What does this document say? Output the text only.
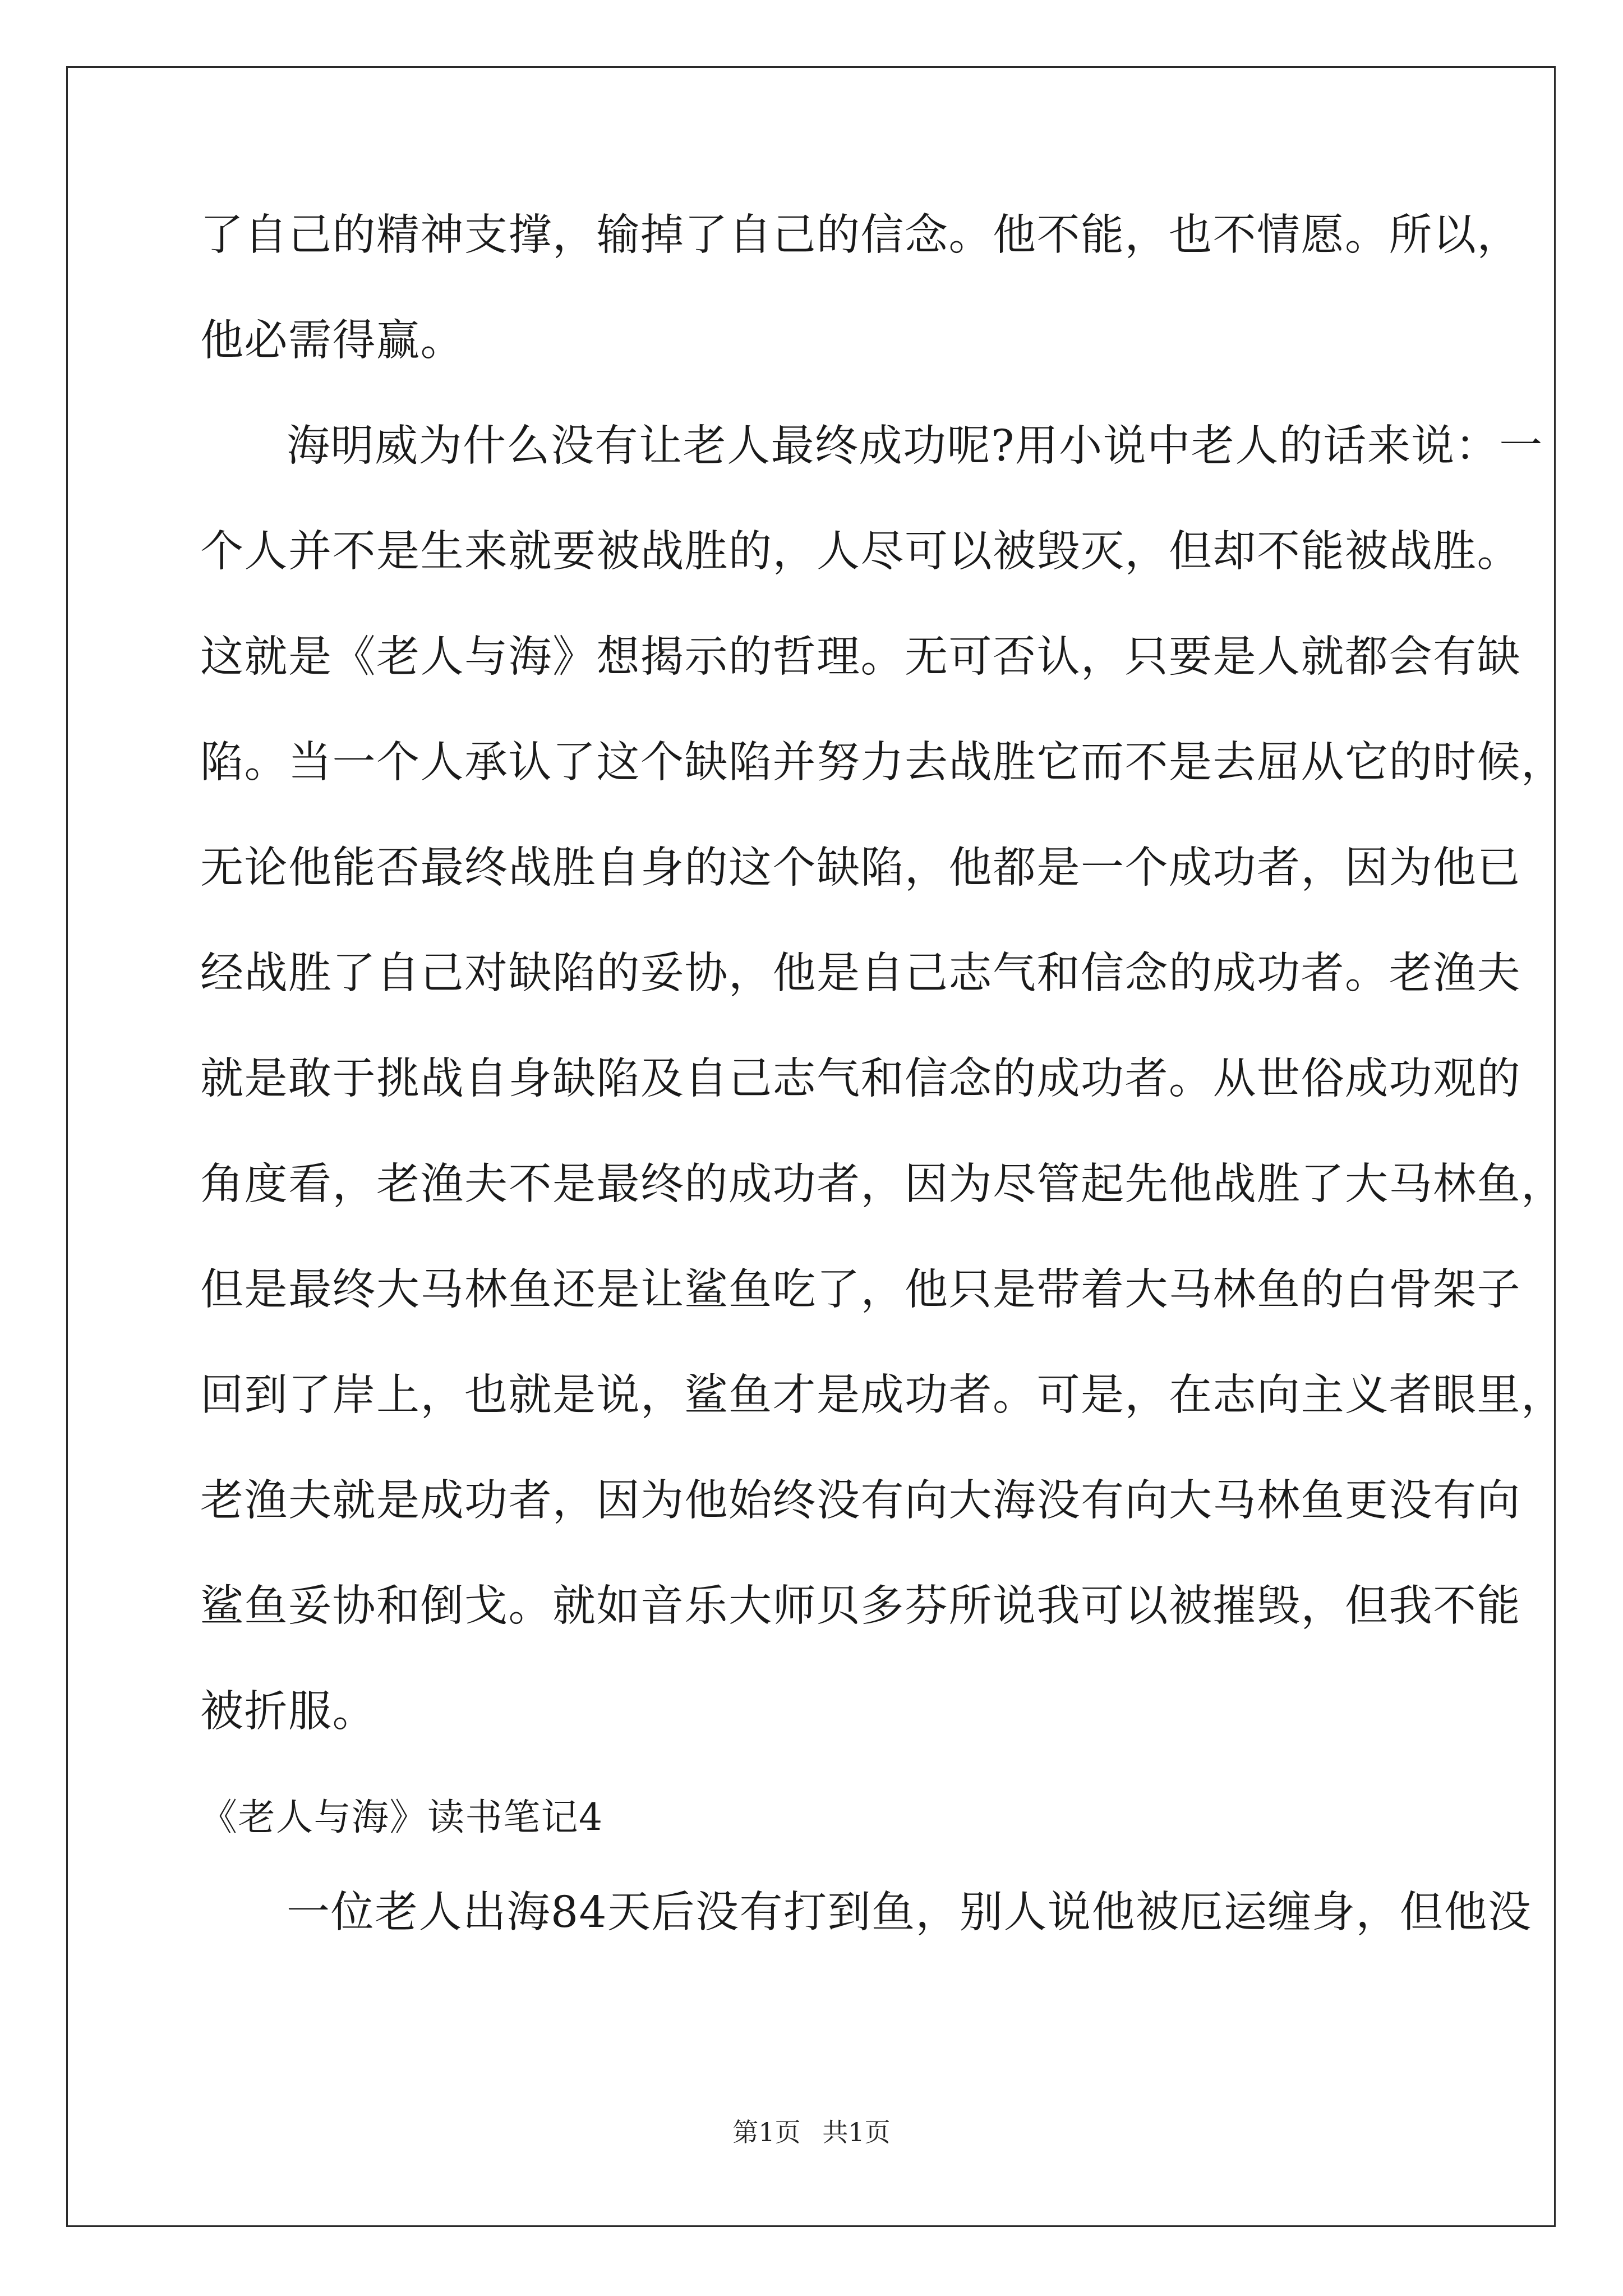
了自己的精神支撑，输掉了自己的信念。他不能，也不情愿。所以，
他必需得赢。
海明威为什么没有让老人最终成功呢?用小说中老人的话来说：一
个人并不是生来就要被战胜的，人尽可以被毁灭，但却不能被战胜。
这就是《老人与海》想揭示的哲理。无可否认，只要是人就都会有缺
陷。当一个人承认了这个缺陷并努力去战胜它而不是去屈从它的时候，
无论他能否最终战胜自身的这个缺陷，他都是一个成功者，因为他已
经战胜了自己对缺陷的妥协，他是自己志气和信念的成功者。老渔夫
就是敢于挑战自身缺陷及自己志气和信念的成功者。从世俗成功观的
角度看，老渔夫不是最终的成功者，因为尽管起先他战胜了大马林鱼，
但是最终大马林鱼还是让鲨鱼吃了，他只是带着大马林鱼的白骨架子
回到了岸上，也就是说，鲨鱼才是成功者。可是，在志向主义者眼里，
老渔夫就是成功者，因为他始终没有向大海没有向大马林鱼更没有向
鲨鱼妥协和倒戈。就如音乐大师贝多芬所说我可以被摧毁，但我不能
被折服。
《老人与海》读书笔记4
一位老人出海84天后没有打到鱼，别人说他被厄运缠身，但他没
第1页 共1页
